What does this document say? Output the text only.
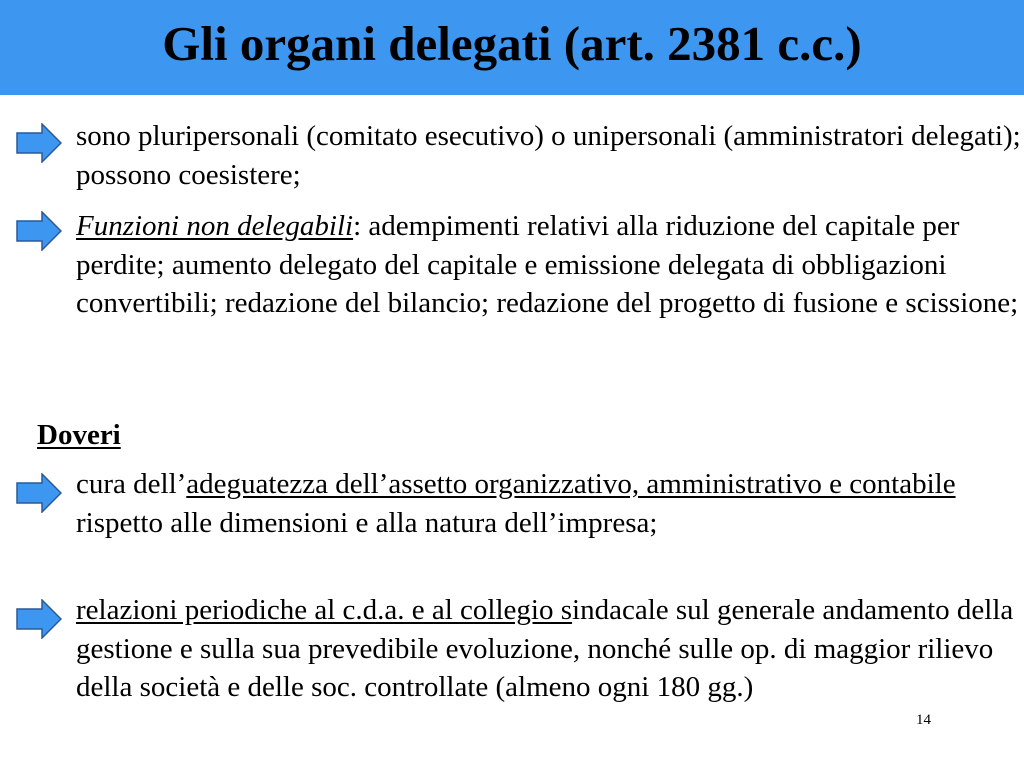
Gli organi delegati (art. 2381 c.c.)

sono pluripersonali (comitato esecutivo) o unipersonali (amministratori delegati); possono coesistere;

Funzioni non delegabili: adempimenti relativi alla riduzione del capitale per perdite; aumento delegato del capitale e emissione delegata di obbligazioni convertibili; redazione del bilancio; redazione del progetto di fusione e scissione;

Doveri

cura dell’adeguatezza dell’assetto organizzativo, amministrativo e contabile rispetto alle dimensioni e alla natura dell’impresa;

relazioni periodiche al c.d.a. e al collegio sindacale sul generale andamento della gestione e sulla sua prevedibile evoluzione, nonché sulle op. di maggior rilievo della società e delle soc. controllate (almeno ogni 180 gg.)

14
